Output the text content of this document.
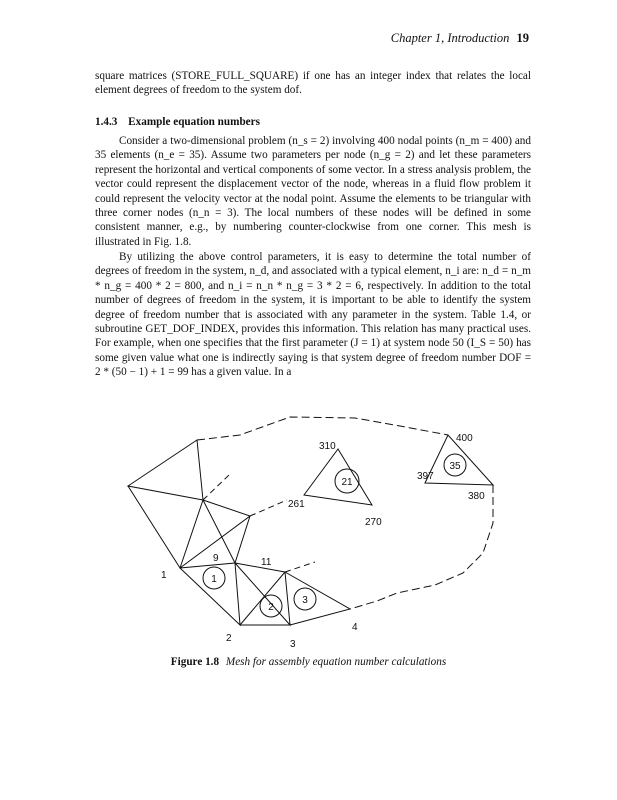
Chapter 1, Introduction 19
square matrices (STORE_FULL_SQUARE) if one has an integer index that relates the local element degrees of freedom to the system dof.
1.4.3 Example equation numbers
Consider a two-dimensional problem (n_s = 2) involving 400 nodal points (n_m = 400) and 35 elements (n_e = 35). Assume two parameters per node (n_g = 2) and let these parameters represent the horizontal and vertical components of some vector. In a stress analysis problem, the vector could represent the displacement vector of the node, whereas in a fluid flow problem it could represent the velocity vector at the nodal point. Assume the elements to be triangular with three corner nodes (n_n = 3). The local numbers of these nodes will be defined in some consistent manner, e.g., by numbering counter-clockwise from one corner. This mesh is illustrated in Fig. 1.8.
By utilizing the above control parameters, it is easy to determine the total number of degrees of freedom in the system, n_d, and associated with a typical element, n_i are: n_d = n_m * n_g = 400 * 2 = 800, and n_i = n_n * n_g = 3 * 2 = 6, respectively. In addition to the total number of degrees of freedom in the system, it is important to be able to identify the system degree of freedom number that is associated with any parameter in the system. Table 1.4, or subroutine GET_DOF_INDEX, provides this information. This relation has many practical uses. For example, when one specifies that the first parameter (J = 1) at system node 50 (I_S = 50) has some given value what one is indirectly saying is that system degree of freedom number DOF = 2 * (50 − 1) + 1 = 99 has a given value. In a
1
2
3
4
9	11
261
270
310
380
397
400
1
2
3
21
35
Figure 1.8 Mesh for assembly equation number calculations
